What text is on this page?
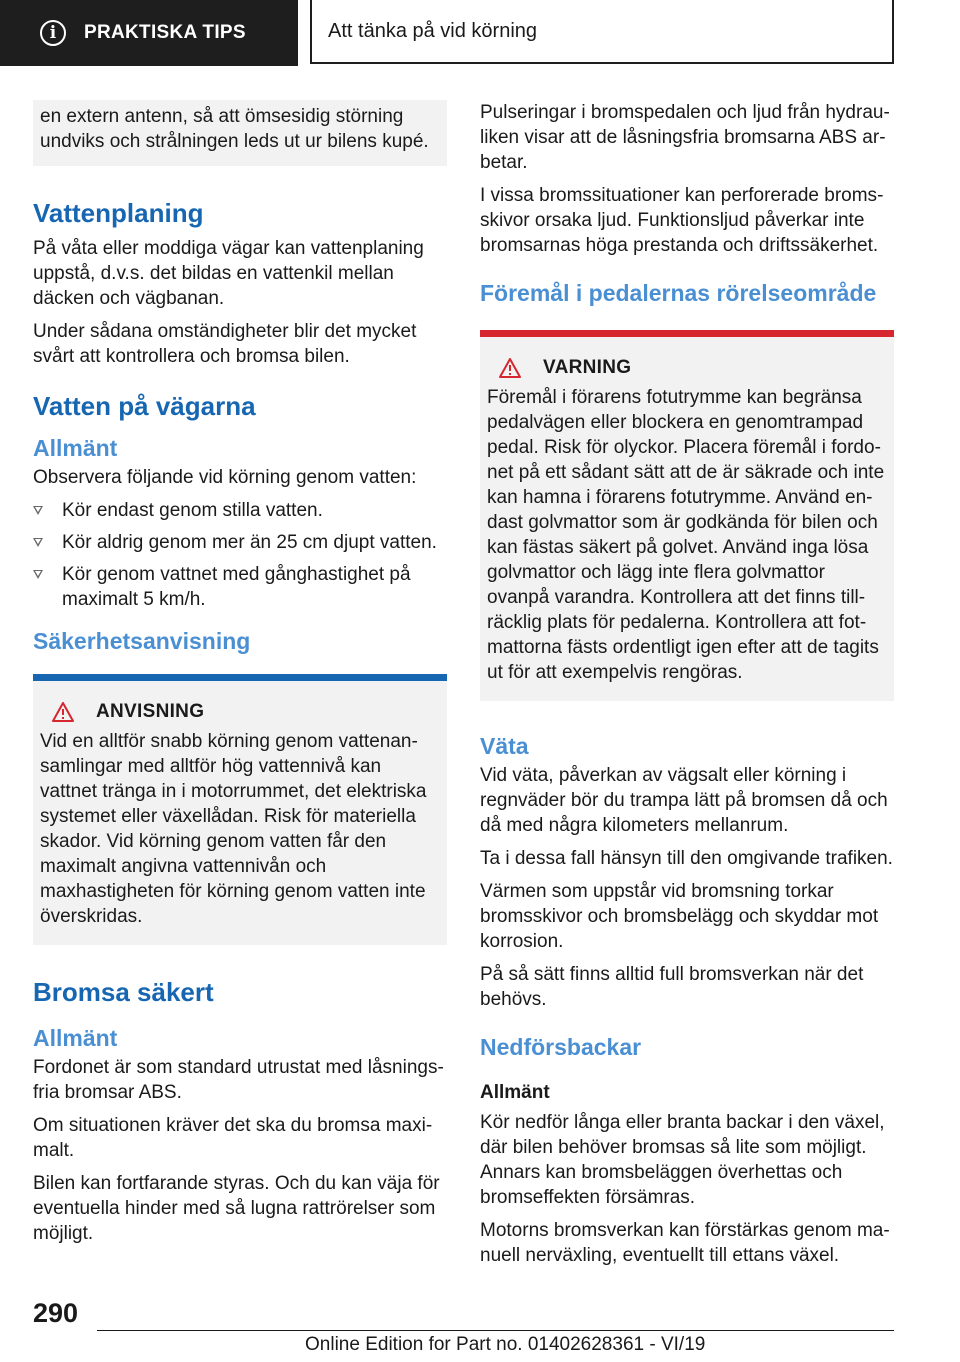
i	PRAKTISKA TIPS	Att tänka på vid körning

en extern antenn, så att ömsesidig störning undviks och strålningen leds ut ur bilens kupé.

Vattenplaning

På våta eller moddiga vägar kan vattenplaning uppstå, d.v.s. det bildas en vattenkil mellan däcken och vägbanan.

Under sådana omständigheter blir det mycket svårt att kontrollera och bromsa bilen.

Vatten på vägarna
Allmänt

Observera följande vid körning genom vatten:

Kör endast genom stilla vatten.
Kör aldrig genom mer än 25 cm djupt vatten.
Kör genom vattnet med gånghastighet på maximalt 5 km/h.
Säkerhetsanvisning
ANVISNING

Vid en alltför snabb körning genom vattenansamlingar med alltför hög vattennivå kan vattnet tränga in i motorrummet, det elektriska systemet eller växellådan. Risk för materiella skador. Vid körning genom vatten får den maximalt angivna vattennivån och maxhastigheten för körning genom vatten inte överskridas.

Bromsa säkert
Allmänt

Fordonet är som standard utrustat med låsningsfria bromsar ABS.

Om situationen kräver det ska du bromsa maximalt.

Bilen kan fortfarande styras. Och du kan väja för eventuella hinder med så lugna rattrörelser som möjligt.

Pulseringar i bromspedalen och ljud från hydrauliken visar att de låsningsfria bromsarna ABS arbetar.

I vissa bromssituationer kan perforerade bromsskivor orsaka ljud. Funktionsljud påverkar inte bromsarnas höga prestanda och driftssäkerhet.

Föremål i pedalernas rörelseområde
VARNING

Föremål i förarens fotutrymme kan begränsa pedalvägen eller blockera en genomtrampad pedal. Risk för olyckor. Placera föremål i fordonet på ett sådant sätt att de är säkrade och inte kan hamna i förarens fotutrymme. Använd endast golvmattor som är godkända för bilen och kan fästas säkert på golvet. Använd inga lösa golvmattor och lägg inte flera golvmattor ovanpå varandra. Kontrollera att det finns tillräcklig plats för pedalerna. Kontrollera att fotmattorna fästs ordentligt igen efter att de tagits ut för att exempelvis rengöras.

Väta

Vid väta, påverkan av vägsalt eller körning i regnväder bör du trampa lätt på bromsen då och då med några kilometers mellanrum.

Ta i dessa fall hänsyn till den omgivande trafiken.

Värmen som uppstår vid bromsning torkar bromsskivor och bromsbelägg och skyddar mot korrosion.

På så sätt finns alltid full bromsverkan när det behövs.

Nedförsbackar
Allmänt

Kör nedför långa eller branta backar i den växel, där bilen behöver bromsas så lite som möjligt. Annars kan bromsbeläggen överhettas och bromseffekten försämras.

Motorns bromsverkan kan förstärkas genom manuell nerväxling, eventuellt till ettans växel.

290
Online Edition for Part no. 01402628361 - VI/19
